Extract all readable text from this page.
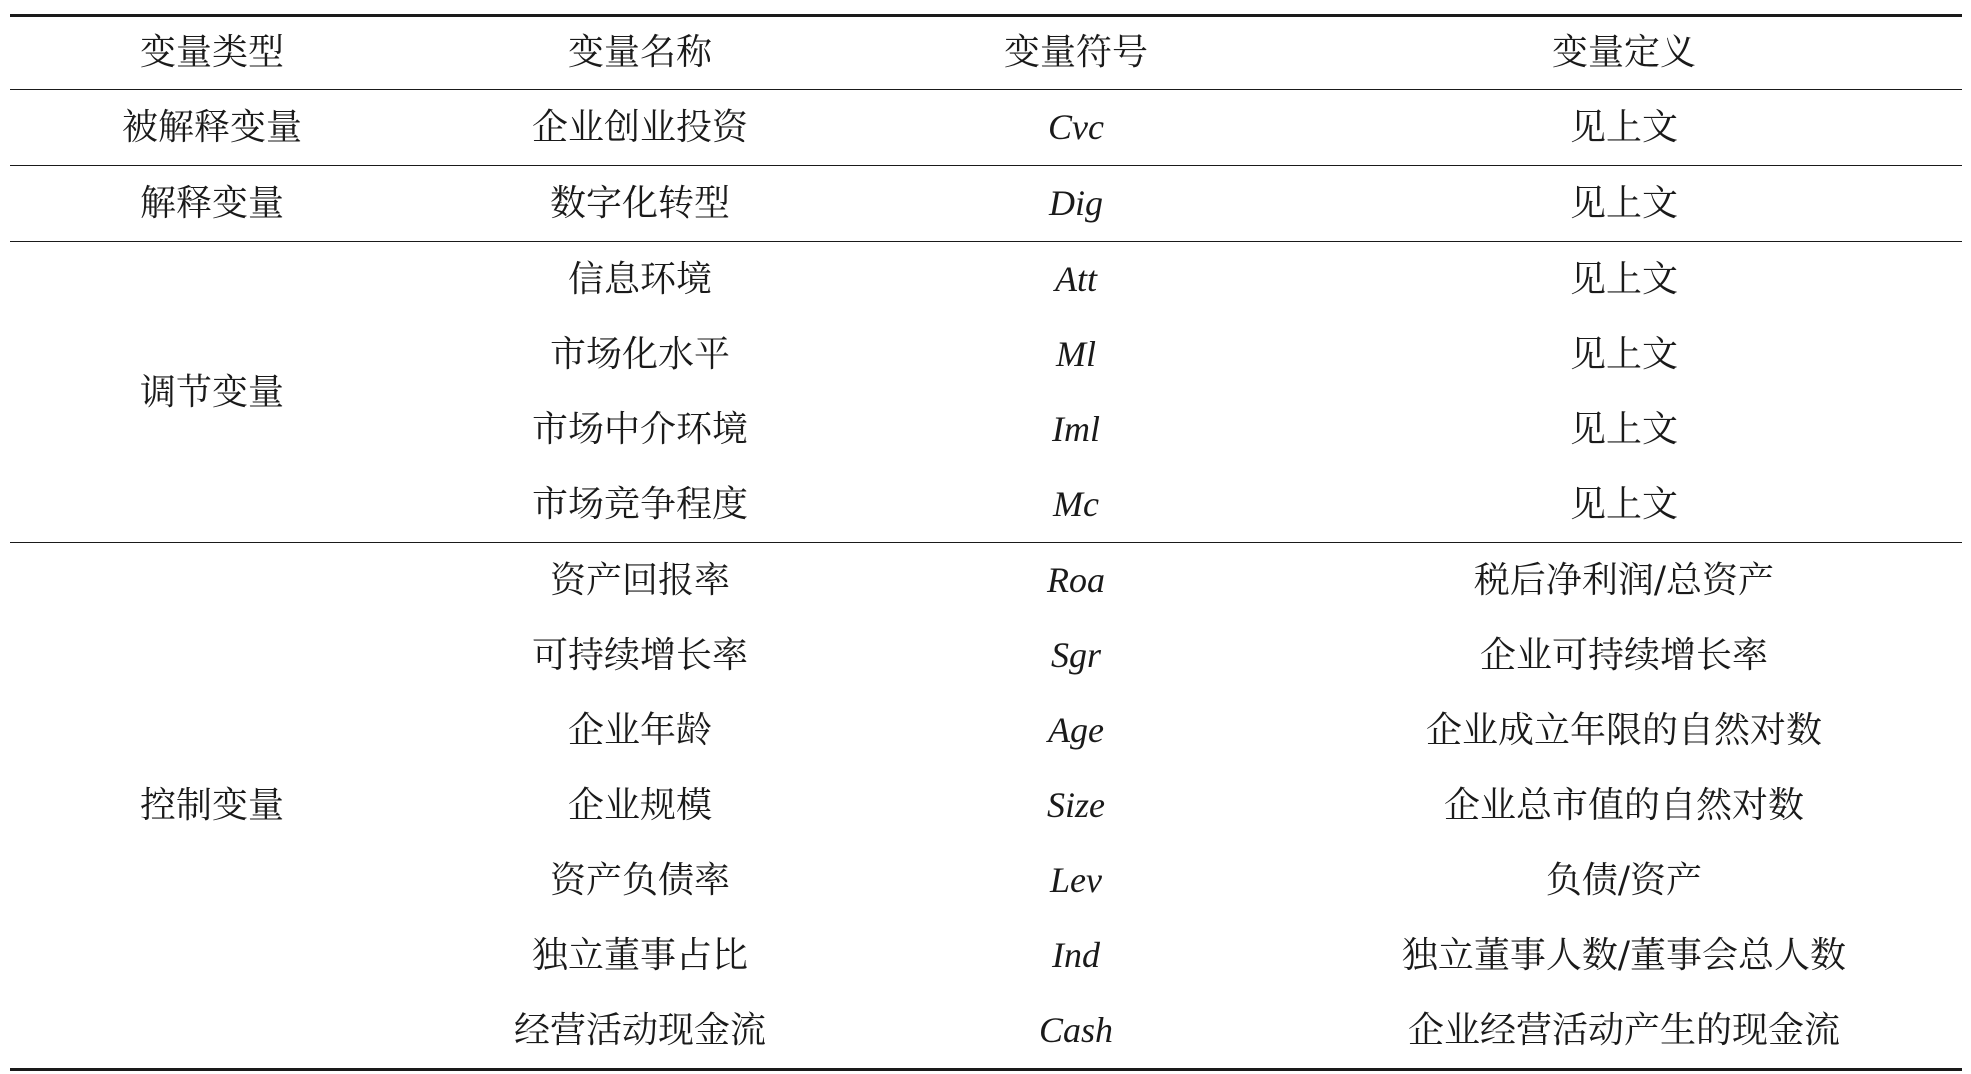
变量类型	变量名称	变量符号	变量定义
被解释变量	企业创业投资	Cvc	见上文
解释变量	数字化转型	Dig	见上文
调节变量	信息环境	Att	见上文
	市场化水平	Ml	见上文
	市场中介环境	Iml	见上文
	市场竞争程度	Mc	见上文
控制变量	资产回报率	Roa	税后净利润/总资产
	可持续增长率	Sgr	企业可持续增长率
	企业年龄	Age	企业成立年限的自然对数
	企业规模	Size	企业总市值的自然对数
	资产负债率	Lev	负债/资产
	独立董事占比	Ind	独立董事人数/董事会总人数
	经营活动现金流	Cash	企业经营活动产生的现金流
